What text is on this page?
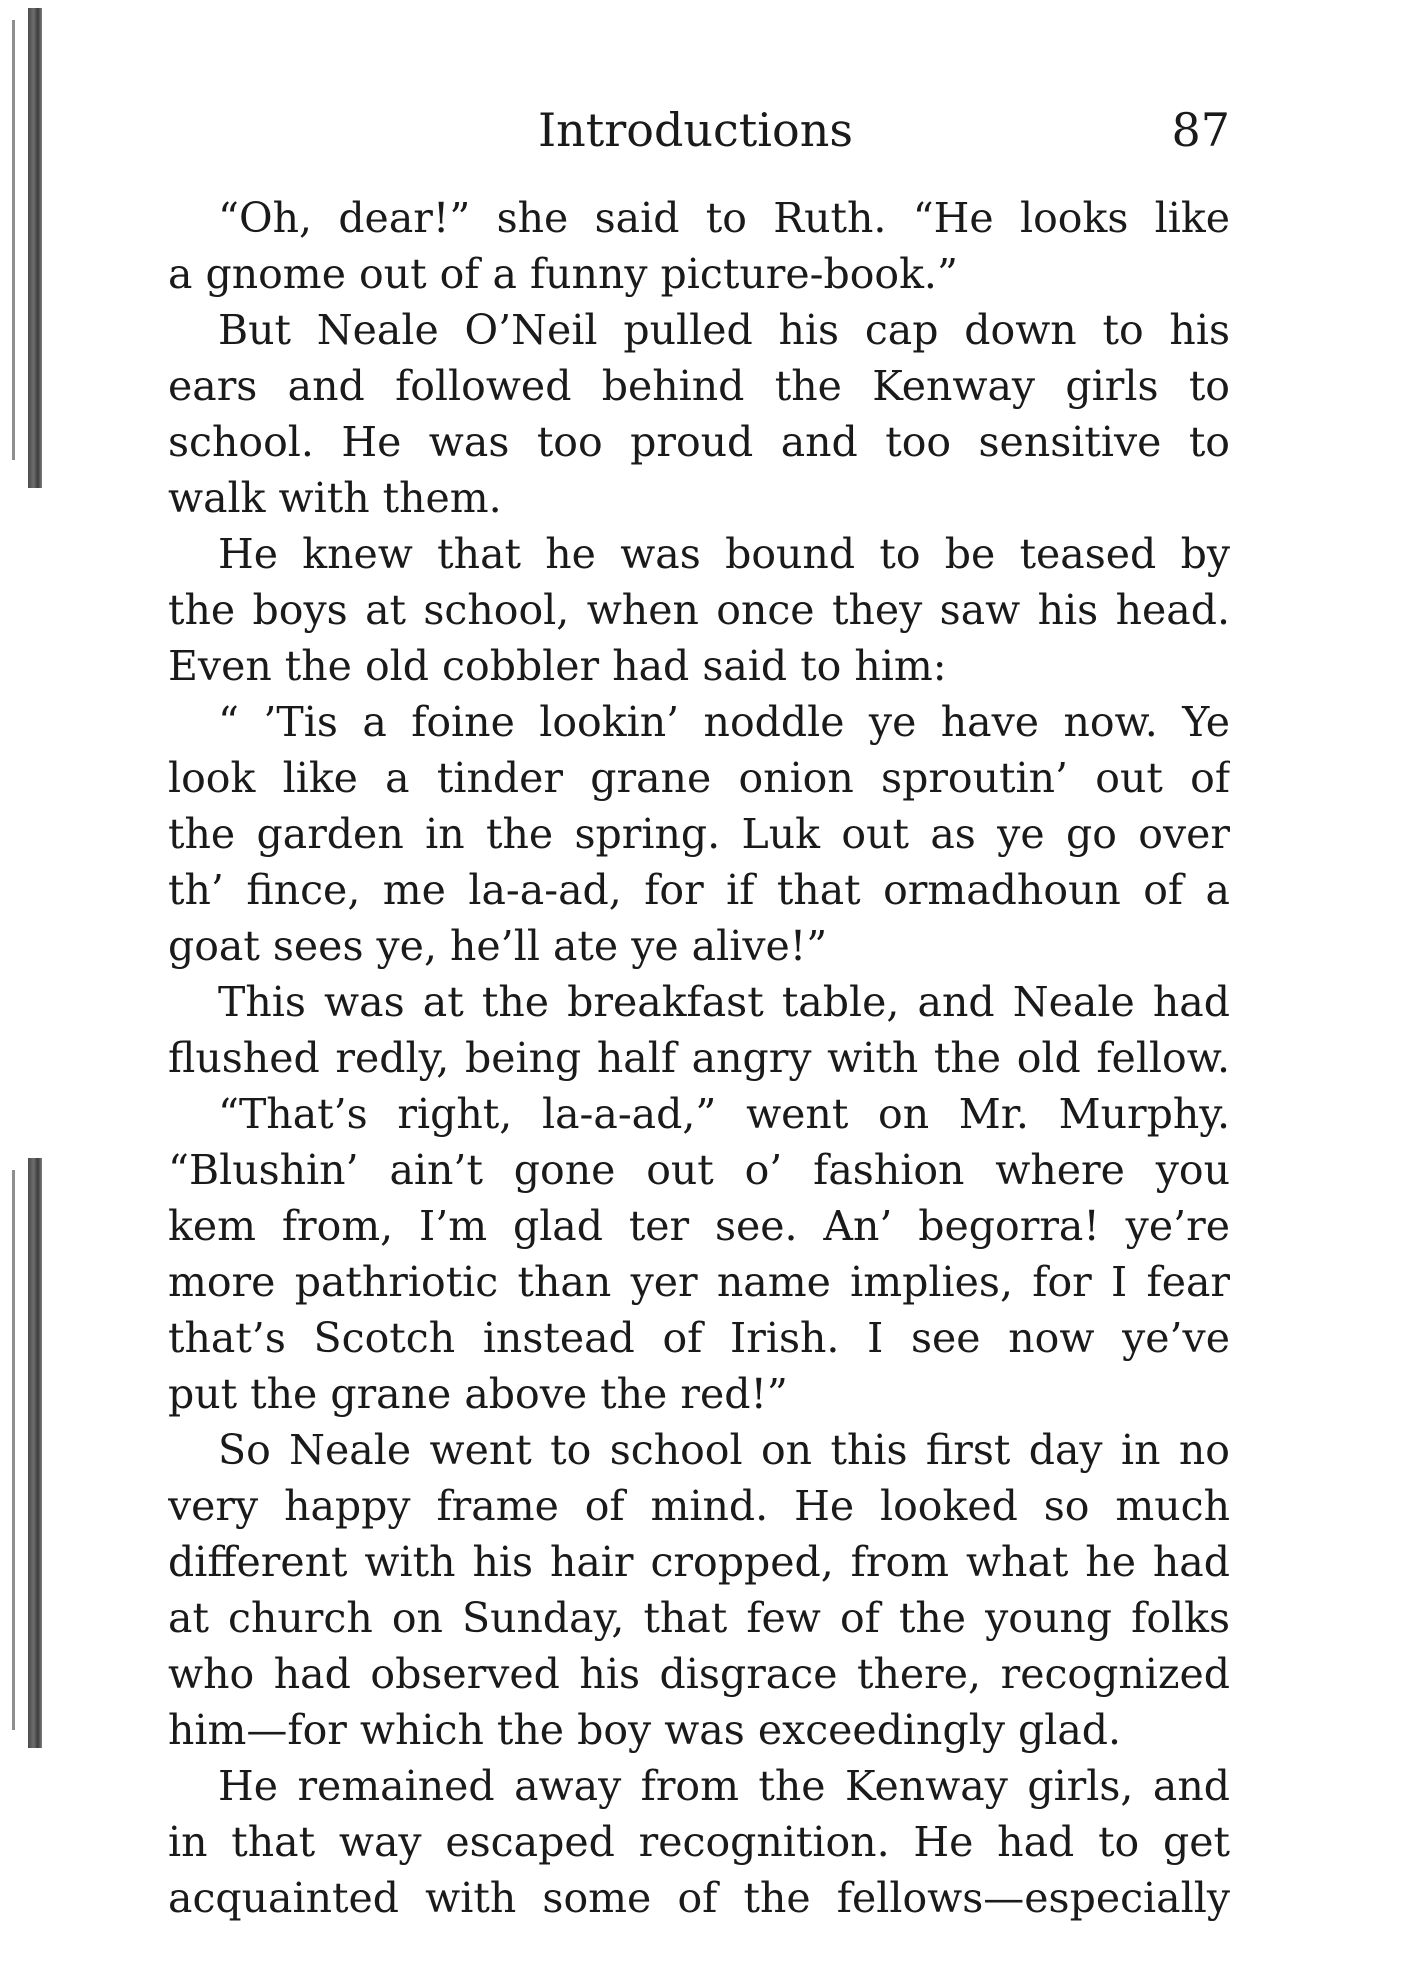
Introductions	87
“Oh, dear!” she said to Ruth. “He looks like
a gnome out of a funny picture-book.”
But Neale O’Neil pulled his cap down to his
ears and followed behind the Kenway girls to
school. He was too proud and too sensitive to
walk with them.
He knew that he was bound to be teased by
the boys at school, when once they saw his head.
Even the old cobbler had said to him:
“ ’Tis a foine lookin’ noddle ye have now. Ye
look like a tinder grane onion sproutin’ out of
the garden in the spring. Luk out as ye go over
th’ fince, me la-a-ad, for if that ormadhoun of a
goat sees ye, he’ll ate ye alive!”
This was at the breakfast table, and Neale had
flushed redly, being half angry with the old fellow.
“That’s right, la-a-ad,” went on Mr. Murphy.
“Blushin’ ain’t gone out o’ fashion where you
kem from, I’m glad ter see. An’ begorra! ye’re
more pathriotic than yer name implies, for I fear
that’s Scotch instead of Irish. I see now ye’ve
put the grane above the red!”
So Neale went to school on this first day in no
very happy frame of mind. He looked so much
different with his hair cropped, from what he had
at church on Sunday, that few of the young folks
who had observed his disgrace there, recognized
him—for which the boy was exceedingly glad.
He remained away from the Kenway girls, and
in that way escaped recognition. He had to get
acquainted with some of the fellows—especially
